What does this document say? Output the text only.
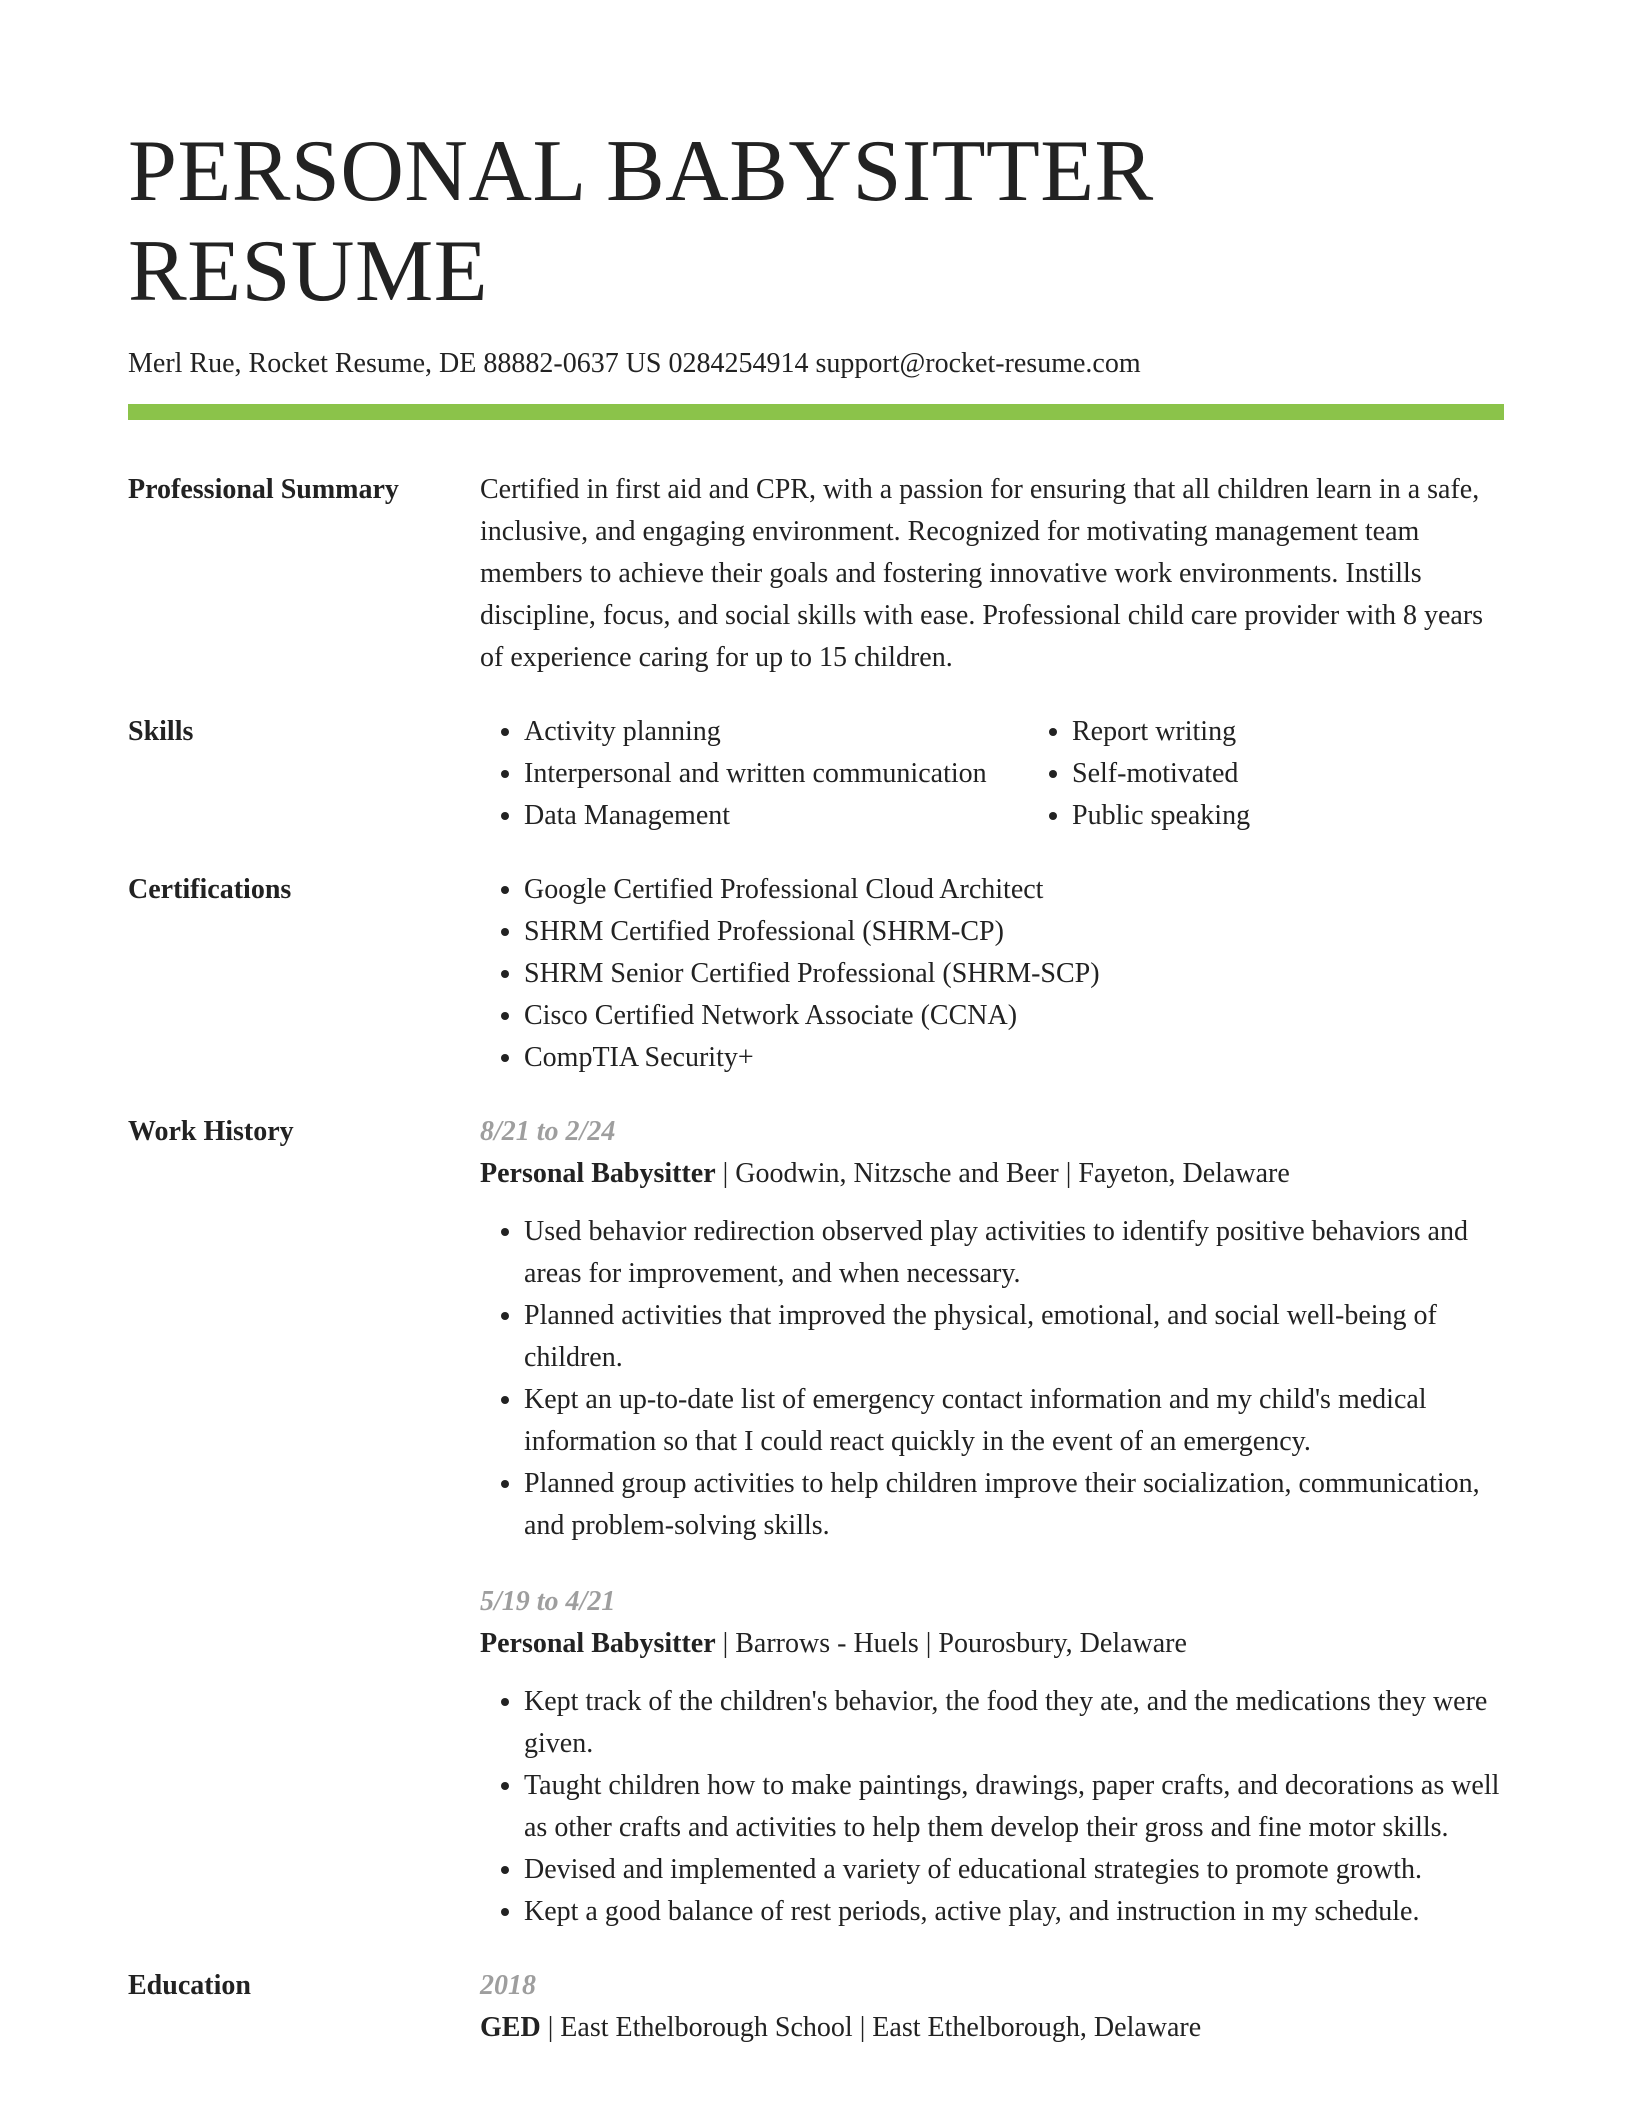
PERSONAL BABYSITTER RESUME
Merl Rue, Rocket Resume, DE 88882-0637 US 0284254914 support@rocket-resume.com
Professional Summary	Certified in first aid and CPR, with a passion for ensuring that all children learn in a safe, inclusive, and engaging environment. Recognized for motivating management team members to achieve their goals and fostering innovative work environments. Instills discipline, focus, and social skills with ease. Professional child care provider with 8 years of experience caring for up to 15 children.
Skills	• Activity planning
• Interpersonal and written communication
• Data Management
• Report writing
• Self-motivated
• Public speaking
Certifications	• Google Certified Professional Cloud Architect
• SHRM Certified Professional (SHRM-CP)
• SHRM Senior Certified Professional (SHRM-SCP)
• Cisco Certified Network Associate (CCNA)
• CompTIA Security+
Work History	8/21 to 2/24
Personal Babysitter | Goodwin, Nitzsche and Beer | Fayeton, Delaware
• Used behavior redirection observed play activities to identify positive behaviors and areas for improvement, and when necessary.
• Planned activities that improved the physical, emotional, and social well-being of children.
• Kept an up-to-date list of emergency contact information and my child's medical information so that I could react quickly in the event of an emergency.
• Planned group activities to help children improve their socialization, communication, and problem-solving skills.
5/19 to 4/21
Personal Babysitter | Barrows - Huels | Pourosbury, Delaware
• Kept track of the children's behavior, the food they ate, and the medications they were given.
• Taught children how to make paintings, drawings, paper crafts, and decorations as well as other crafts and activities to help them develop their gross and fine motor skills.
• Devised and implemented a variety of educational strategies to promote growth.
• Kept a good balance of rest periods, active play, and instruction in my schedule.
Education	2018
GED | East Ethelborough School | East Ethelborough, Delaware
